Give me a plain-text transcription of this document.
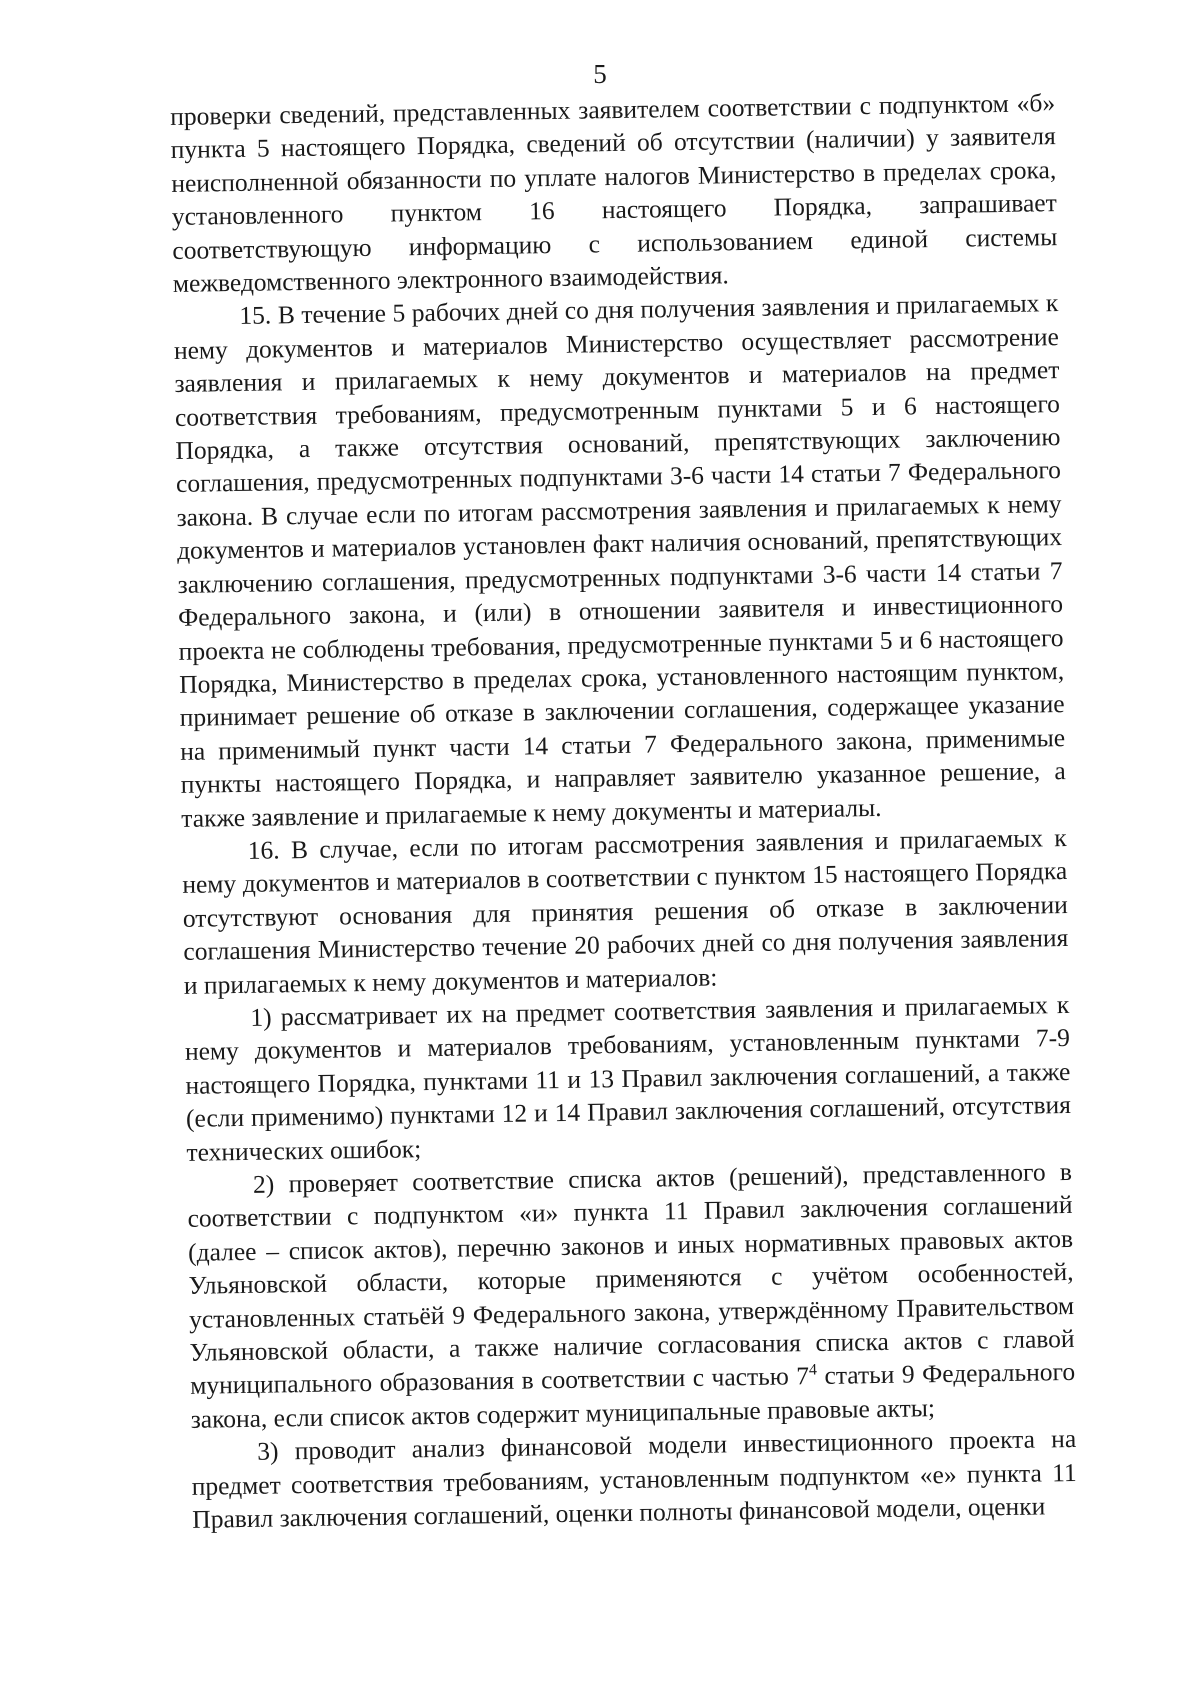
5

проверки сведений, представленных заявителем соответствии с подпунктом «б» пункта 5 настоящего Порядка, сведений об отсутствии (наличии) у заявителя неисполненной обязанности по уплате налогов Министерство в пределах срока, установленного пунктом 16 настоящего Порядка, запрашивает соответствующую информацию с использованием единой системы межведомственного электронного взаимодействия.

15. В течение 5 рабочих дней со дня получения заявления и прилагаемых к нему документов и материалов Министерство осуществляет рассмотрение заявления и прилагаемых к нему документов и материалов на предмет соответствия требованиям, предусмотренным пунктами 5 и 6 настоящего Порядка, а также отсутствия оснований, препятствующих заключению соглашения, предусмотренных подпунктами 3-6 части 14 статьи 7 Федерального закона. В случае если по итогам рассмотрения заявления и прилагаемых к нему документов и материалов установлен факт наличия оснований, препятствующих заключению соглашения, предусмотренных подпунктами 3-6 части 14 статьи 7 Федерального закона, и (или) в отношении заявителя и инвестиционного проекта не соблюдены требования, предусмотренные пунктами 5 и 6 настоящего Порядка, Министерство в пределах срока, установленного настоящим пунктом, принимает решение об отказе в заключении соглашения, содержащее указание на применимый пункт части 14 статьи 7 Федерального закона, применимые пункты настоящего Порядка, и направляет заявителю указанное решение, а также заявление и прилагаемые к нему документы и материалы.

16. В случае, если по итогам рассмотрения заявления и прилагаемых к нему документов и материалов в соответствии с пунктом 15 настоящего Порядка отсутствуют основания для принятия решения об отказе в заключении соглашения Министерство течение 20 рабочих дней со дня получения заявления и прилагаемых к нему документов и материалов:

1) рассматривает их на предмет соответствия заявления и прилагаемых к нему документов и материалов требованиям, установленным пунктами 7-9 настоящего Порядка, пунктами 11 и 13 Правил заключения соглашений, а также (если применимо) пунктами 12 и 14 Правил заключения соглашений, отсутствия технических ошибок;

2) проверяет соответствие списка актов (решений), представленного в соответствии с подпунктом «и» пункта 11 Правил заключения соглашений (далее – список актов), перечню законов и иных нормативных правовых актов Ульяновской области, которые применяются с учётом особенностей, установленных статьёй 9 Федерального закона, утверждённому Правительством Ульяновской области, а также наличие согласования списка актов с главой муниципального образования в соответствии с частью $7^4$ статьи 9 Федерального закона, если список актов содержит муниципальные правовые акты;

3) проводит анализ финансовой модели инвестиционного проекта на предмет соответствия требованиям, установленным подпунктом «е» пункта 11 Правил заключения соглашений, оценки полноты финансовой модели, оценки
